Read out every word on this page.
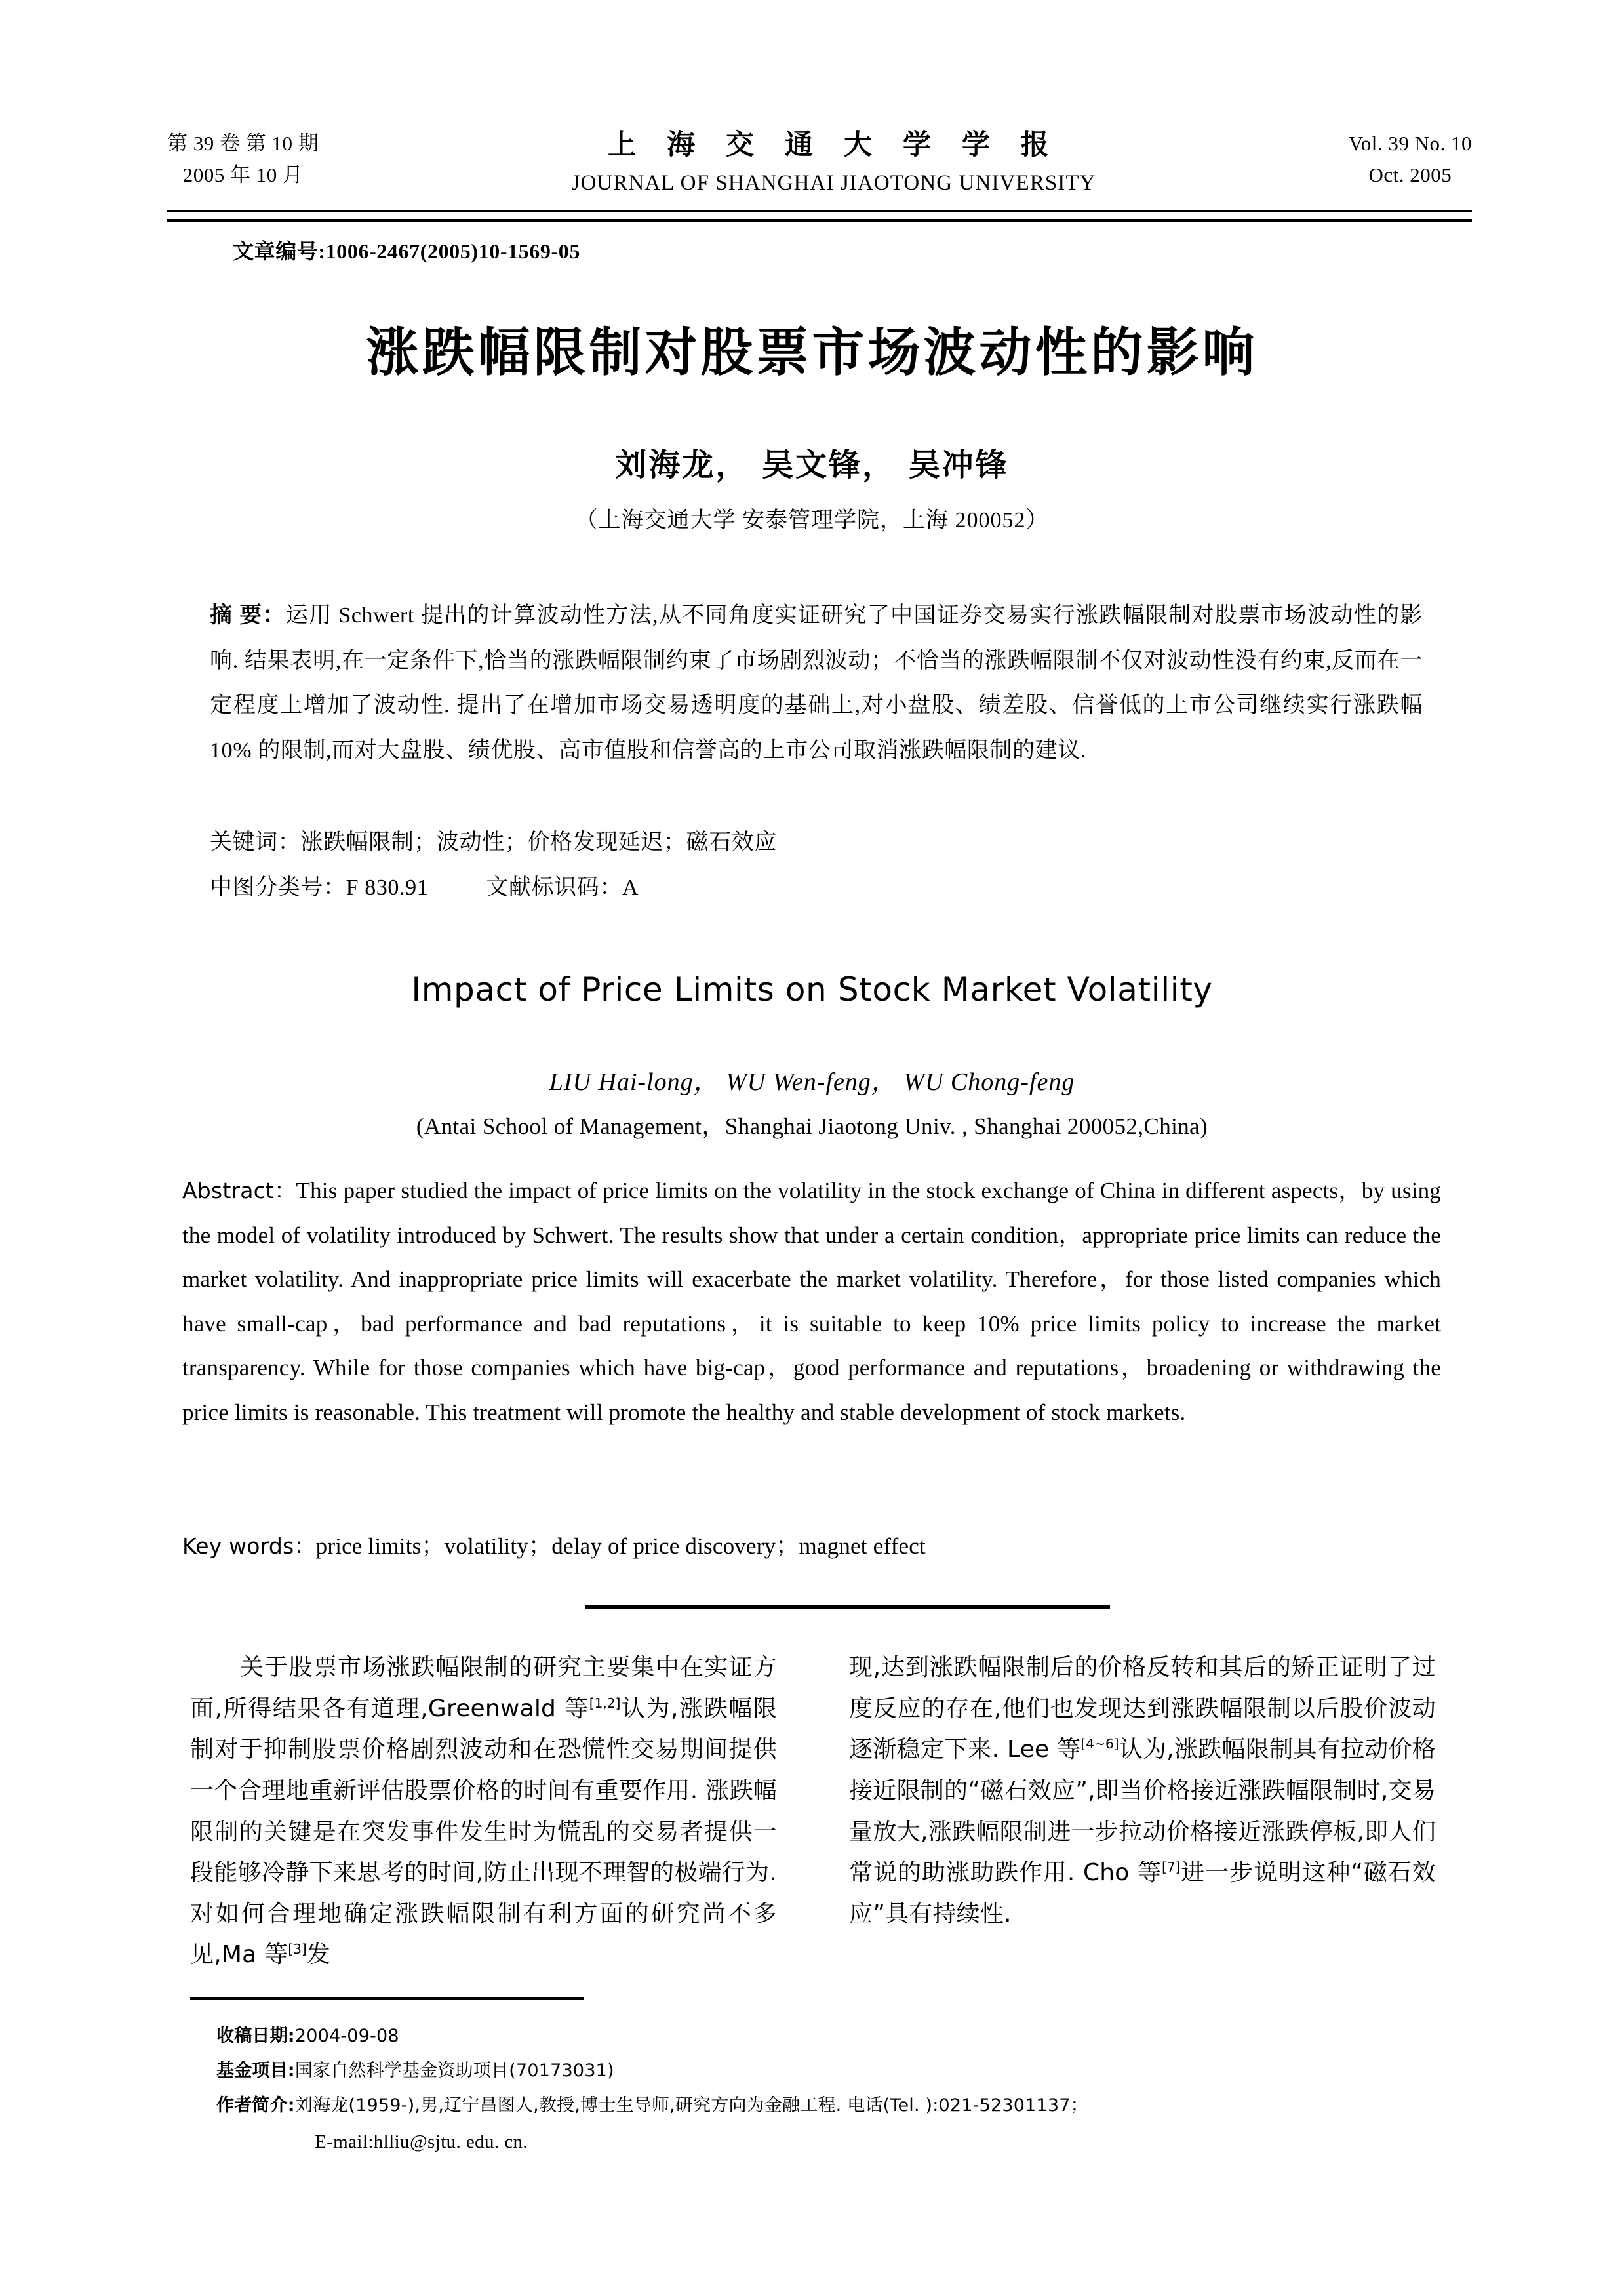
第 39 卷 第 10 期
2005 年 10 月
上 海 交 通 大 学 学 报
JOURNAL OF SHANGHAI JIAOTONG UNIVERSITY
Vol. 39 No. 10
Oct. 2005
文章编号:1006-2467(2005)10-1569-05
涨跌幅限制对股票市场波动性的影响
刘海龙， 吴文锋， 吴冲锋
（上海交通大学 安泰管理学院，上海 200052）
摘 要：运用 Schwert 提出的计算波动性方法,从不同角度实证研究了中国证券交易实行涨跌幅限制对股票市场波动性的影响. 结果表明,在一定条件下,恰当的涨跌幅限制约束了市场剧烈波动；不恰当的涨跌幅限制不仅对波动性没有约束,反而在一定程度上增加了波动性. 提出了在增加市场交易透明度的基础上,对小盘股、绩差股、信誉低的上市公司继续实行涨跌幅 10% 的限制,而对大盘股、绩优股、高市值股和信誉高的上市公司取消涨跌幅限制的建议.
关键词：涨跌幅限制；波动性；价格发现延迟；磁石效应
中图分类号：F 830.91	文献标识码：A
Impact of Price Limits on Stock Market Volatility
LIU Hai-long， WU Wen-feng， WU Chong-feng
(Antai School of Management，Shanghai Jiaotong Univ. , Shanghai 200052,China)
Abstract：This paper studied the impact of price limits on the volatility in the stock exchange of China in different aspects，by using the model of volatility introduced by Schwert. The results show that under a certain condition，appropriate price limits can reduce the market volatility. And inappropriate price limits will exacerbate the market volatility. Therefore，for those listed companies which have small-cap，bad performance and bad reputations，it is suitable to keep 10% price limits policy to increase the market transparency. While for those companies which have big-cap，good performance and reputations，broadening or withdrawing the price limits is reasonable. This treatment will promote the healthy and stable development of stock markets.
Key words：price limits；volatility；delay of price discovery；magnet effect

关于股票市场涨跌幅限制的研究主要集中在实证方面,所得结果各有道理,Greenwald 等[1,2]认为,涨跌幅限制对于抑制股票价格剧烈波动和在恐慌性交易期间提供一个合理地重新评估股票价格的时间有重要作用. 涨跌幅限制的关键是在突发事件发生时为慌乱的交易者提供一段能够冷静下来思考的时间,防止出现不理智的极端行为. 对如何合理地确定涨跌幅限制有利方面的研究尚不多见,Ma 等[3]发

现,达到涨跌幅限制后的价格反转和其后的矫正证明了过度反应的存在,他们也发现达到涨跌幅限制以后股价波动逐渐稳定下来. Lee 等[4~6]认为,涨跌幅限制具有拉动价格接近限制的“磁石效应”,即当价格接近涨跌幅限制时,交易量放大,涨跌幅限制进一步拉动价格接近涨跌停板,即人们常说的助涨助跌作用. Cho 等[7]进一步说明这种“磁石效应”具有持续性.

收稿日期:2004-09-08
基金项目:国家自然科学基金资助项目(70173031)
作者简介:刘海龙(1959-),男,辽宁昌图人,教授,博士生导师,研究方向为金融工程. 电话(Tel. ):021-52301137；
E-mail:hlliu@sjtu. edu. cn.
